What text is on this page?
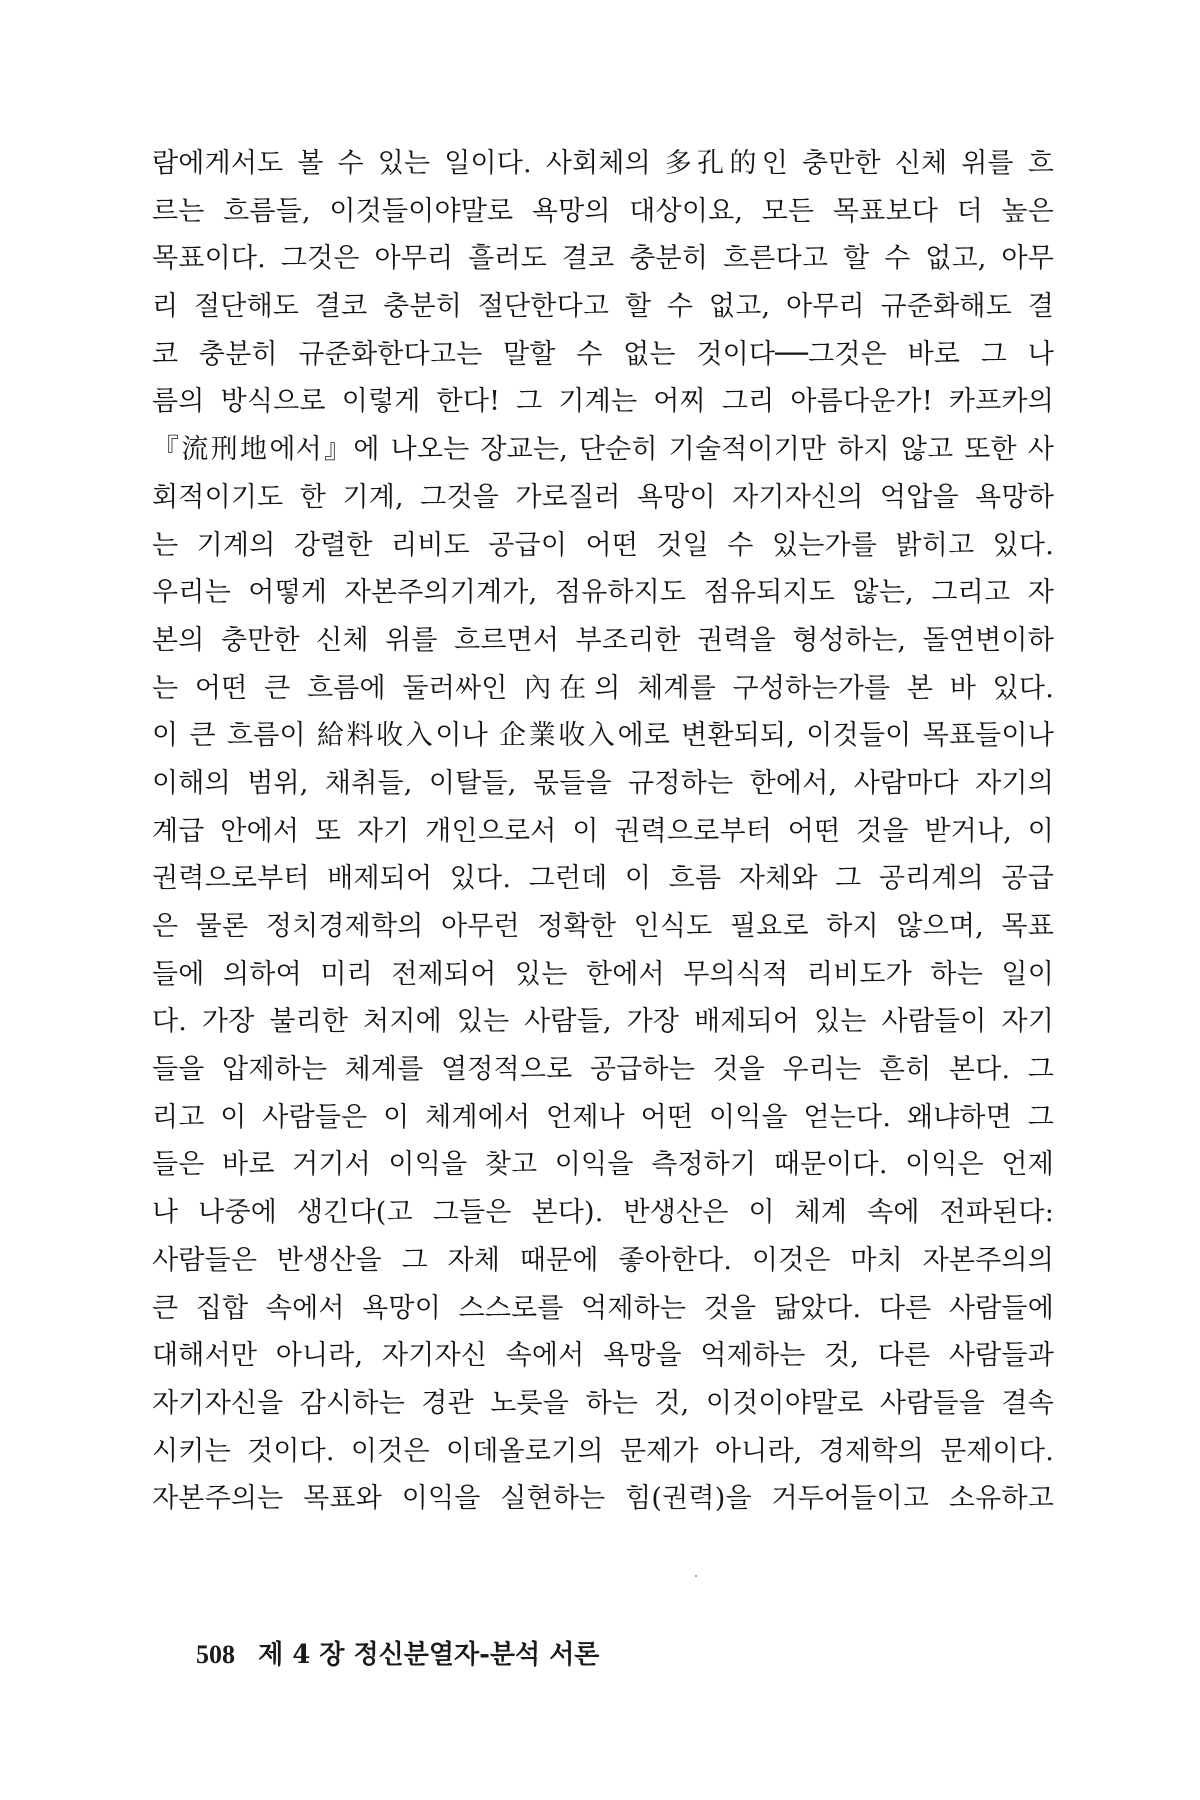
람에게서도 볼 수 있는 일이다. 사회체의 多孔的인 충만한 신체 위를 흐
르는 흐름들, 이것들이야말로 욕망의 대상이요, 모든 목표보다 더 높은
목표이다. 그것은 아무리 흘러도 결코 충분히 흐른다고 할 수 없고, 아무
리 절단해도 결코 충분히 절단한다고 할 수 없고, 아무리 규준화해도 결
코 충분히 규준화한다고는 말할 수 없는 것이다──그것은 바로 그 나
름의 방식으로 이렇게 한다! 그 기계는 어찌 그리 아름다운가! 카프카의
『流刑地에서』에 나오는 장교는, 단순히 기술적이기만 하지 않고 또한 사
회적이기도 한 기계, 그것을 가로질러 욕망이 자기자신의 억압을 욕망하
는 기계의 강렬한 리비도 공급이 어떤 것일 수 있는가를 밝히고 있다.
우리는 어떻게 자본주의기계가, 점유하지도 점유되지도 않는, 그리고 자
본의 충만한 신체 위를 흐르면서 부조리한 권력을 형성하는, 돌연변이하
는 어떤 큰 흐름에 둘러싸인 內在의 체계를 구성하는가를 본 바 있다.
이 큰 흐름이 給料收入이나 企業收入에로 변환되되, 이것들이 목표들이나
이해의 범위, 채취들, 이탈들, 몫들을 규정하는 한에서, 사람마다 자기의
계급 안에서 또 자기 개인으로서 이 권력으로부터 어떤 것을 받거나, 이
권력으로부터 배제되어 있다. 그런데 이 흐름 자체와 그 공리계의 공급
은 물론 정치경제학의 아무런 정확한 인식도 필요로 하지 않으며, 목표
들에 의하여 미리 전제되어 있는 한에서 무의식적 리비도가 하는 일이
다. 가장 불리한 처지에 있는 사람들, 가장 배제되어 있는 사람들이 자기
들을 압제하는 체계를 열정적으로 공급하는 것을 우리는 흔히 본다. 그
리고 이 사람들은 이 체계에서 언제나 어떤 이익을 얻는다. 왜냐하면 그
들은 바로 거기서 이익을 찾고 이익을 측정하기 때문이다. 이익은 언제
나 나중에 생긴다(고 그들은 본다). 반생산은 이 체계 속에 전파된다:
사람들은 반생산을 그 자체 때문에 좋아한다. 이것은 마치 자본주의의
큰 집합 속에서 욕망이 스스로를 억제하는 것을 닮았다. 다른 사람들에
대해서만 아니라, 자기자신 속에서 욕망을 억제하는 것, 다른 사람들과
자기자신을 감시하는 경관 노릇을 하는 것, 이것이야말로 사람들을 결속
시키는 것이다. 이것은 이데올로기의 문제가 아니라, 경제학의 문제이다.
자본주의는 목표와 이익을 실현하는 힘(권력)을 거두어들이고 소유하고
508 제 4 장 정신분열자-분석 서론
